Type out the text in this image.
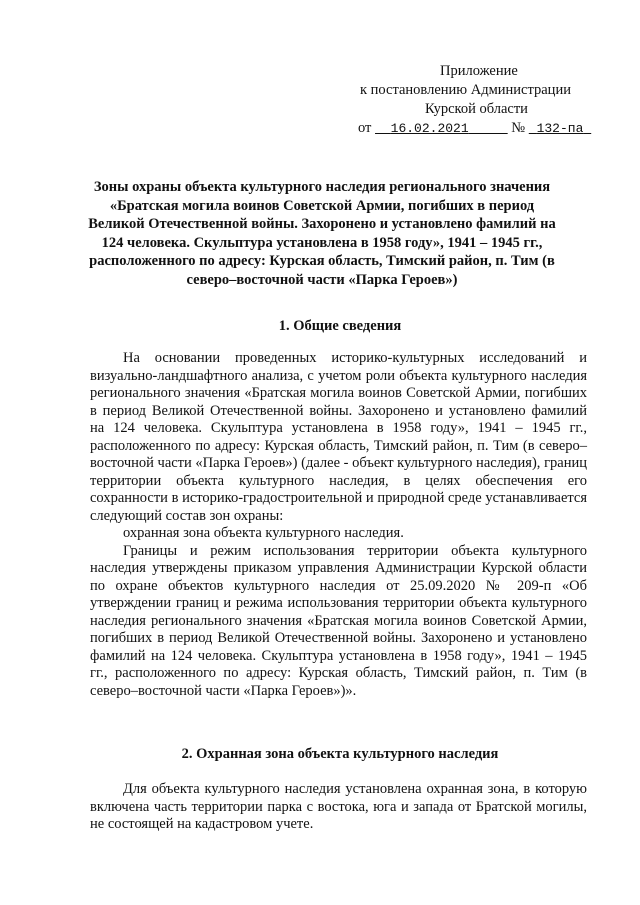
Приложение
к постановлению Администрации
Курской области
от 16.02.2021	№ 132-па
Зоны охраны объекта культурного наследия регионального значения «Братская могила воинов Советской Армии, погибших в период Великой Отечественной войны. Захоронено и установлено фамилий на 124 человека. Скульптура установлена в 1958 году», 1941 – 1945 гг., расположенного по адресу: Курская область, Тимский район, п. Тим (в северо–восточной части «Парка Героев»)
1. Общие сведения

На основании проведенных историко-культурных исследований и визуально-ландшафтного анализа, с учетом роли объекта культурного наследия регионального значения «Братская могила воинов Советской Армии, погибших в период Великой Отечественной войны. Захоронено и установлено фамилий на 124 человека. Скульптура установлена в 1958 году», 1941 – 1945 гг., расположенного по адресу: Курская область, Тимский район, п. Тим (в северо–восточной части «Парка Героев») (далее - объект культурного наследия), границ территории объекта культурного наследия, в целях обеспечения его сохранности в историко-градостроительной и природной среде устанавливается следующий состав зон охраны:

охранная зона объекта культурного наследия.

Границы и режим использования территории объекта культурного наследия утверждены приказом управления Администрации Курской области по охране объектов культурного наследия от 25.09.2020 № 209-п «Об утверждении границ и режима использования территории объекта культурного наследия регионального значения «Братская могила воинов Советской Армии, погибших в период Великой Отечественной войны. Захоронено и установлено фамилий на 124 человека. Скульптура установлена в 1958 году», 1941 – 1945 гг., расположенного по адресу: Курская область, Тимский район, п. Тим (в северо–восточной части «Парка Героев»)».

2. Охранная зона объекта культурного наследия

Для объекта культурного наследия установлена охранная зона, в которую включена часть территории парка с востока, юга и запада от Братской могилы, не состоящей на кадастровом учете.
